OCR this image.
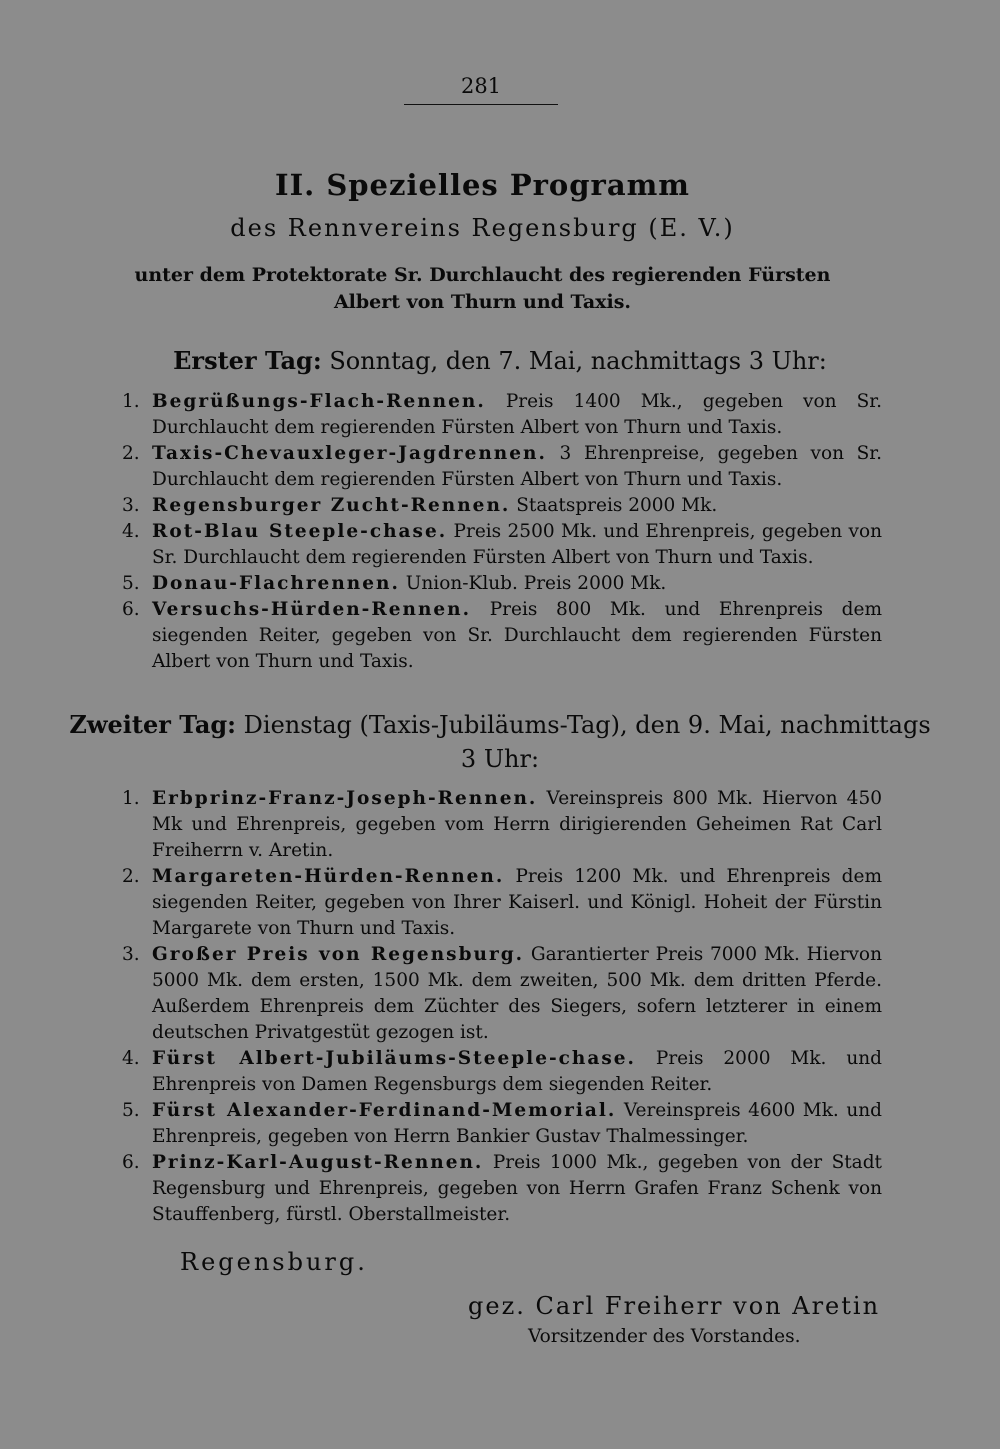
281
II. Spezielles Programm
des Rennvereins Regensburg (E. V.)
unter dem Protektorate Sr. Durchlaucht des regierenden Fürsten Albert von Thurn und Taxis.
Erster Tag: Sonntag, den 7. Mai, nachmittags 3 Uhr:
1. Begrüßungs-Flach-Rennen. Preis 1400 Mk., gegeben von Sr. Durchlaucht dem regierenden Fürsten Albert von Thurn und Taxis.
2. Taxis-Chevauxleger-Jagdrennen. 3 Ehrenpreise, gegeben von Sr. Durchlaucht dem regierenden Fürsten Albert von Thurn und Taxis.
3. Regensburger Zucht-Rennen. Staatspreis 2000 Mk.
4. Rot-Blau Steeple-chase. Preis 2500 Mk. und Ehrenpreis, gegeben von Sr. Durchlaucht dem regierenden Fürsten Albert von Thurn und Taxis.
5. Donau-Flachrennen. Union-Klub. Preis 2000 Mk.
6. Versuchs-Hürden-Rennen. Preis 800 Mk. und Ehrenpreis dem siegenden Reiter, gegeben von Sr. Durchlaucht dem regierenden Fürsten Albert von Thurn und Taxis.
Zweiter Tag: Dienstag (Taxis-Jubiläums-Tag), den 9. Mai, nachmittags 3 Uhr:
1. Erbprinz-Franz-Joseph-Rennen. Vereinspreis 800 Mk. Hiervon 450 Mk und Ehrenpreis, gegeben vom Herrn dirigierenden Geheimen Rat Carl Freiherrn v. Aretin.
2. Margareten-Hürden-Rennen. Preis 1200 Mk. und Ehrenpreis dem siegenden Reiter, gegeben von Ihrer Kaiserl. und Königl. Hoheit der Fürstin Margarete von Thurn und Taxis.
3. Großer Preis von Regensburg. Garantierter Preis 7000 Mk. Hiervon 5000 Mk. dem ersten, 1500 Mk. dem zweiten, 500 Mk. dem dritten Pferde. Außerdem Ehrenpreis dem Züchter des Siegers, sofern letzterer in einem deutschen Privatgestüt gezogen ist.
4. Fürst Albert-Jubiläums-Steeple-chase. Preis 2000 Mk. und Ehrenpreis von Damen Regensburgs dem siegenden Reiter.
5. Fürst Alexander-Ferdinand-Memorial. Vereinspreis 4600 Mk. und Ehrenpreis, gegeben von Herrn Bankier Gustav Thalmessinger.
6. Prinz-Karl-August-Rennen. Preis 1000 Mk., gegeben von der Stadt Regensburg und Ehrenpreis, gegeben von Herrn Grafen Franz Schenk von Stauffenberg, fürstl. Oberstallmeister.
Regensburg.
gez. Carl Freiherr von Aretin
Vorsitzender des Vorstandes.
